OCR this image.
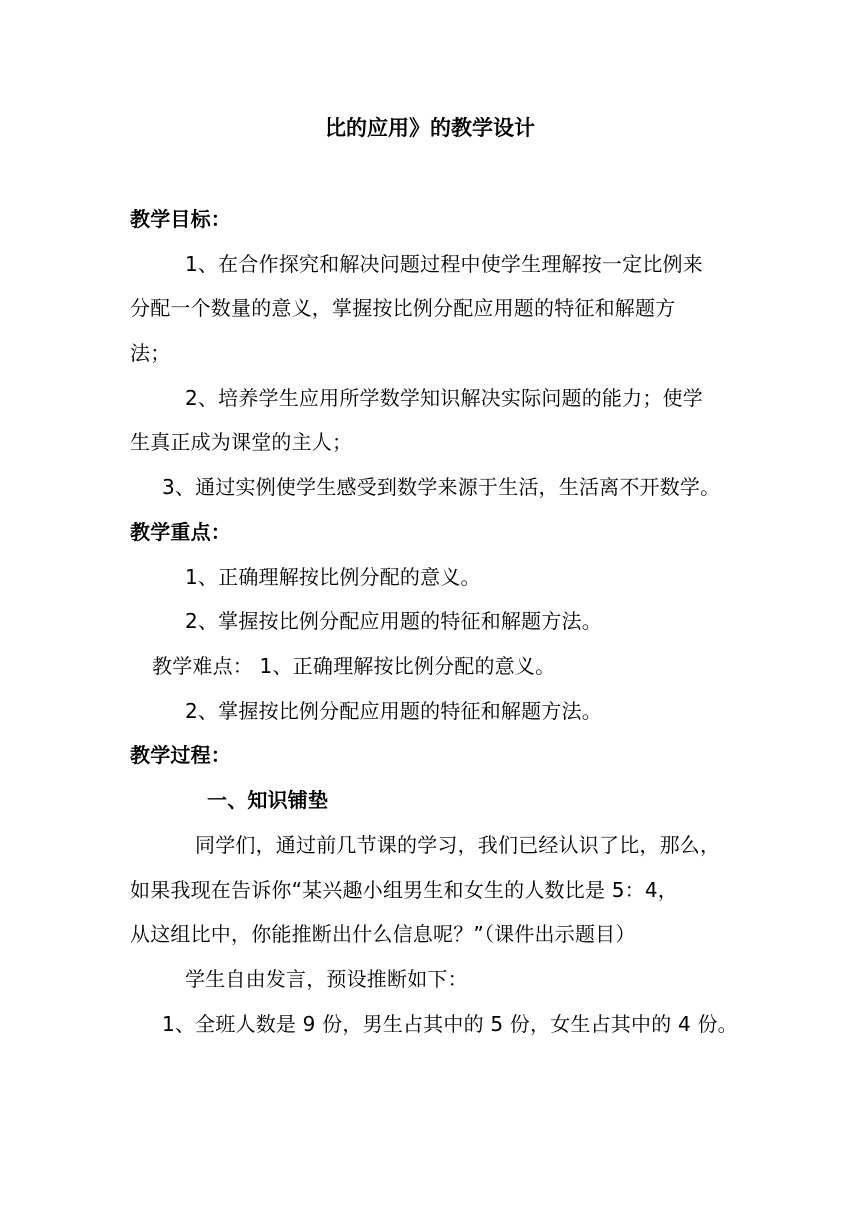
比的应用》的教学设计
教学目标：
1、在合作探究和解决问题过程中使学生理解按一定比例来
分配一个数量的意义，掌握按比例分配应用题的特征和解题方
法；
2、培养学生应用所学数学知识解决实际问题的能力；使学
生真正成为课堂的主人；
3、通过实例使学生感受到数学来源于生活，生活离不开数学。
教学重点：
1、正确理解按比例分配的意义。
2、掌握按比例分配应用题的特征和解题方法。
教学难点： 1、正确理解按比例分配的意义。
2、掌握按比例分配应用题的特征和解题方法。
教学过程：
一、知识铺垫
同学们，通过前几节课的学习，我们已经认识了比，那么，
如果我现在告诉你“某兴趣小组男生和女生的人数比是 5：4，
从这组比中，你能推断出什么信息呢？”（课件出示题目）
学生自由发言，预设推断如下：
1、全班人数是 9 份，男生占其中的 5 份，女生占其中的 4 份。
